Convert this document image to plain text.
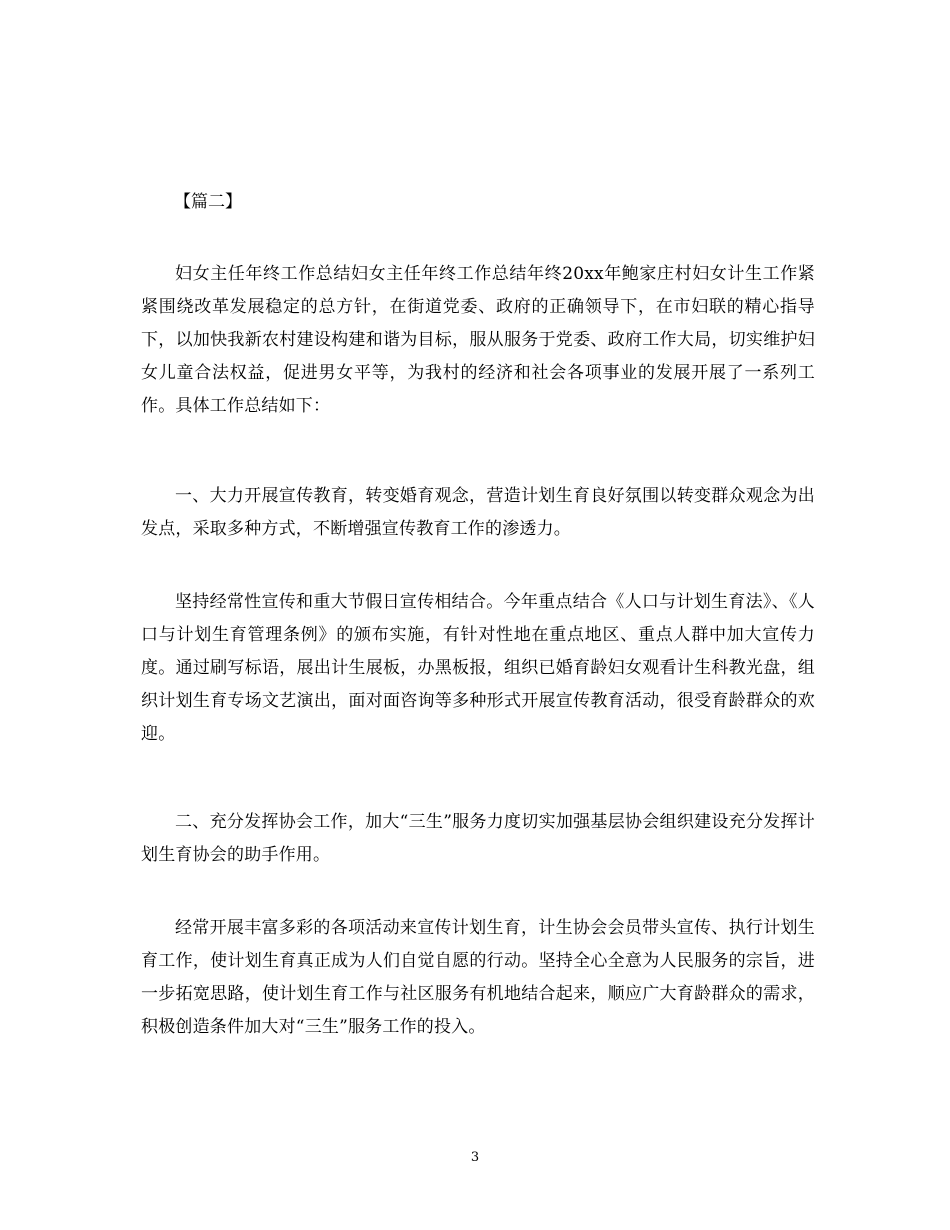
【篇二】

妇女主任年终工作总结妇女主任年终工作总结年终20xx年鲍家庄村妇女计生工作紧紧围绕改革发展稳定的总方针，在街道党委、政府的正确领导下，在市妇联的精心指导下，以加快我新农村建设构建和谐为目标，服从服务于党委、政府工作大局，切实维护妇女儿童合法权益，促进男女平等，为我村的经济和社会各项事业的发展开展了一系列工作。具体工作总结如下：

一、大力开展宣传教育，转变婚育观念，营造计划生育良好氛围以转变群众观念为出发点，采取多种方式，不断增强宣传教育工作的渗透力。

坚持经常性宣传和重大节假日宣传相结合。今年重点结合《人口与计划生育法》、《人口与计划生育管理条例》的颁布实施，有针对性地在重点地区、重点人群中加大宣传力度。通过刷写标语，展出计生展板，办黑板报，组织已婚育龄妇女观看计生科教光盘，组织计划生育专场文艺演出，面对面咨询等多种形式开展宣传教育活动，很受育龄群众的欢迎。

二、充分发挥协会工作，加大“三生”服务力度切实加强基层协会组织建设充分发挥计划生育协会的助手作用。

经常开展丰富多彩的各项活动来宣传计划生育，计生协会会员带头宣传、执行计划生育工作，使计划生育真正成为人们自觉自愿的行动。坚持全心全意为人民服务的宗旨，进一步拓宽思路，使计划生育工作与社区服务有机地结合起来，顺应广大育龄群众的需求，积极创造条件加大对“三生”服务工作的投入。

3
